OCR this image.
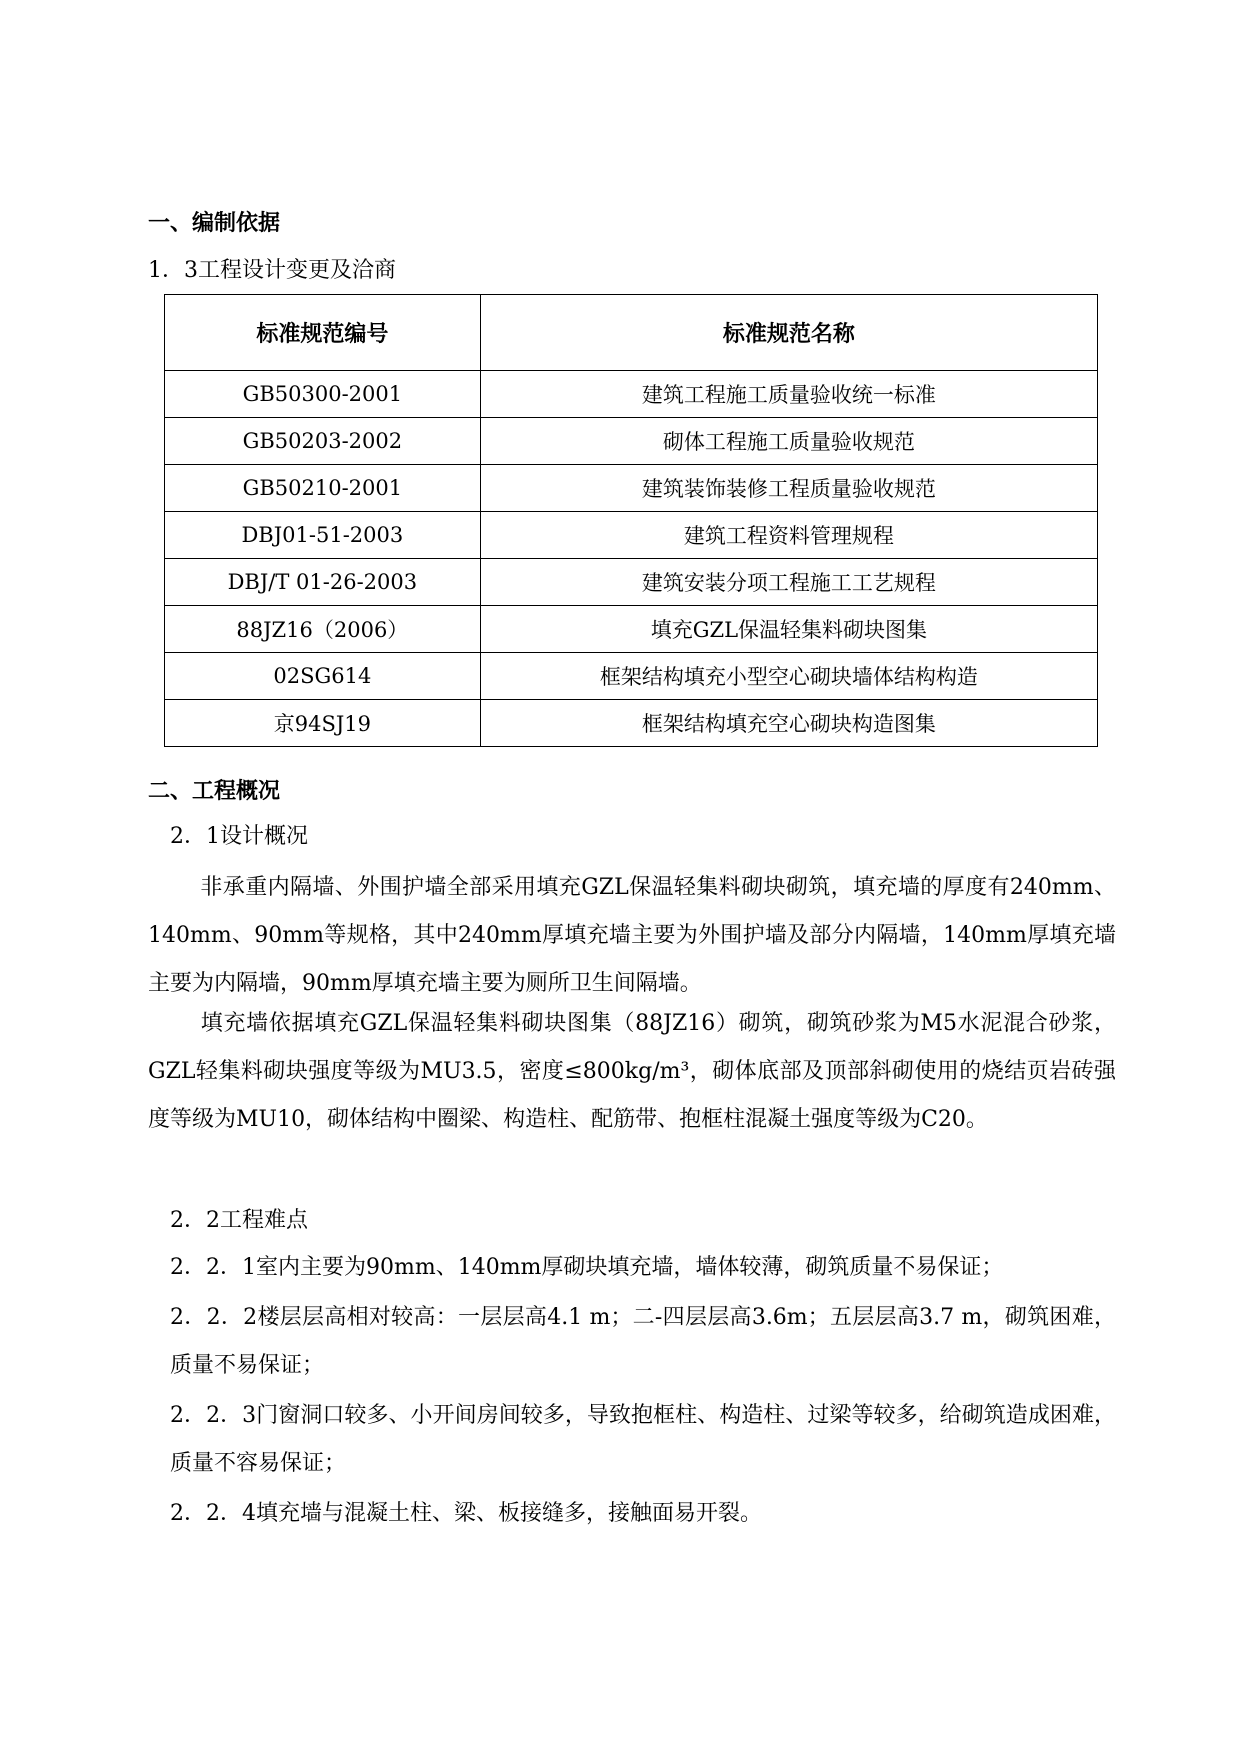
一、编制依据
1．3工程设计变更及洽商
标准规范编号	标准规范名称
GB50300-2001	建筑工程施工质量验收统一标准
GB50203-2002	砌体工程施工质量验收规范
GB50210-2001	建筑装饰装修工程质量验收规范
DBJ01-51-2003	建筑工程资料管理规程
DBJ/T 01-26-2003	建筑安装分项工程施工工艺规程
88JZ16（2006）	填充GZL保温轻集料砌块图集
02SG614	框架结构填充小型空心砌块墙体结构构造
京94SJ19	框架结构填充空心砌块构造图集
二、工程概况
2．1设计概况
非承重内隔墙、外围护墙全部采用填充GZL保温轻集料砌块砌筑，填充墙的厚度有240mm、140mm、90mm等规格，其中240mm厚填充墙主要为外围护墙及部分内隔墙，140mm厚填充墙主要为内隔墙，90mm厚填充墙主要为厕所卫生间隔墙。
填充墙依据填充GZL保温轻集料砌块图集（88JZ16）砌筑，砌筑砂浆为M5水泥混合砂浆，GZL轻集料砌块强度等级为MU3.5，密度≤800kg/m³，砌体底部及顶部斜砌使用的烧结页岩砖强度等级为MU10，砌体结构中圈梁、构造柱、配筋带、抱框柱混凝土强度等级为C20。
2．2工程难点
2．2．1室内主要为90mm、140mm厚砌块填充墙，墙体较薄，砌筑质量不易保证；
2．2．2楼层层高相对较高：一层层高4.1 m；二-四层层高3.6m；五层层高3.7 m，砌筑困难，质量不易保证；
2．2．3门窗洞口较多、小开间房间较多，导致抱框柱、构造柱、过梁等较多，给砌筑造成困难，质量不容易保证；
2．2．4填充墙与混凝土柱、梁、板接缝多，接触面易开裂。
